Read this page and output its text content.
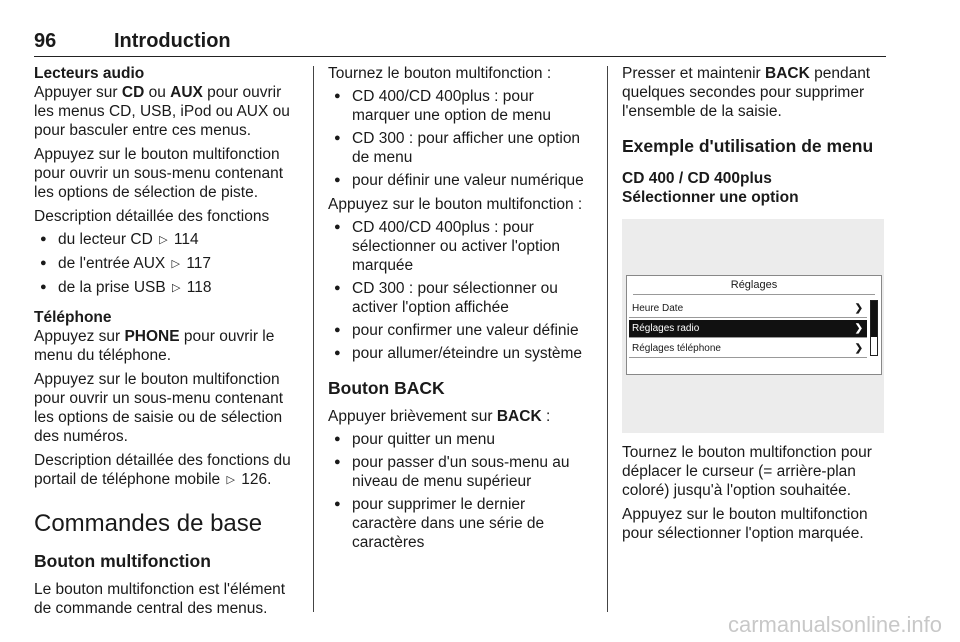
96	Introduction

Lecteurs audio

Appuyer sur CD ou AUX pour ouvrir les menus CD, USB, iPod ou AUX ou pour basculer entre ces menus.

Appuyez sur le bouton multifonction pour ouvrir un sous-menu contenant les options de sélection de piste.

Description détaillée des fonctions

● du lecteur CD ▷ 114
● de l'entrée AUX ▷ 117
● de la prise USB ▷ 118

Téléphone

Appuyez sur PHONE pour ouvrir le menu du téléphone.

Appuyez sur le bouton multifonction pour ouvrir un sous-menu contenant les options de saisie ou de sélection des numéros.

Description détaillée des fonctions du portail de téléphone mobile ▷ 126.

Commandes de base

Bouton multifonction

Le bouton multifonction est l'élément de commande central des menus.

Tournez le bouton multifonction :

● CD 400/CD 400plus : pour marquer une option de menu
● CD 300 : pour afficher une option de menu
● pour définir une valeur numérique

Appuyez sur le bouton multifonction :

● CD 400/CD 400plus : pour sélectionner ou activer l'option marquée
● CD 300 : pour sélectionner ou activer l'option affichée
● pour confirmer une valeur définie
● pour allumer/éteindre un système

Bouton BACK

Appuyer brièvement sur BACK :

● pour quitter un menu
● pour passer d'un sous-menu au niveau de menu supérieur
● pour supprimer le dernier caractère dans une série de caractères

Presser et maintenir BACK pendant quelques secondes pour supprimer l'ensemble de la saisie.

Exemple d'utilisation de menu

CD 400 / CD 400plus

Sélectionner une option

Réglages
Heure Date	❯
Réglages radio	❯
Réglages téléphone	❯

Tournez le bouton multifonction pour déplacer le curseur (= arrière-plan coloré) jusqu'à l'option souhaitée.

Appuyez sur le bouton multifonction pour sélectionner l'option marquée.

carmanualsonline.info
